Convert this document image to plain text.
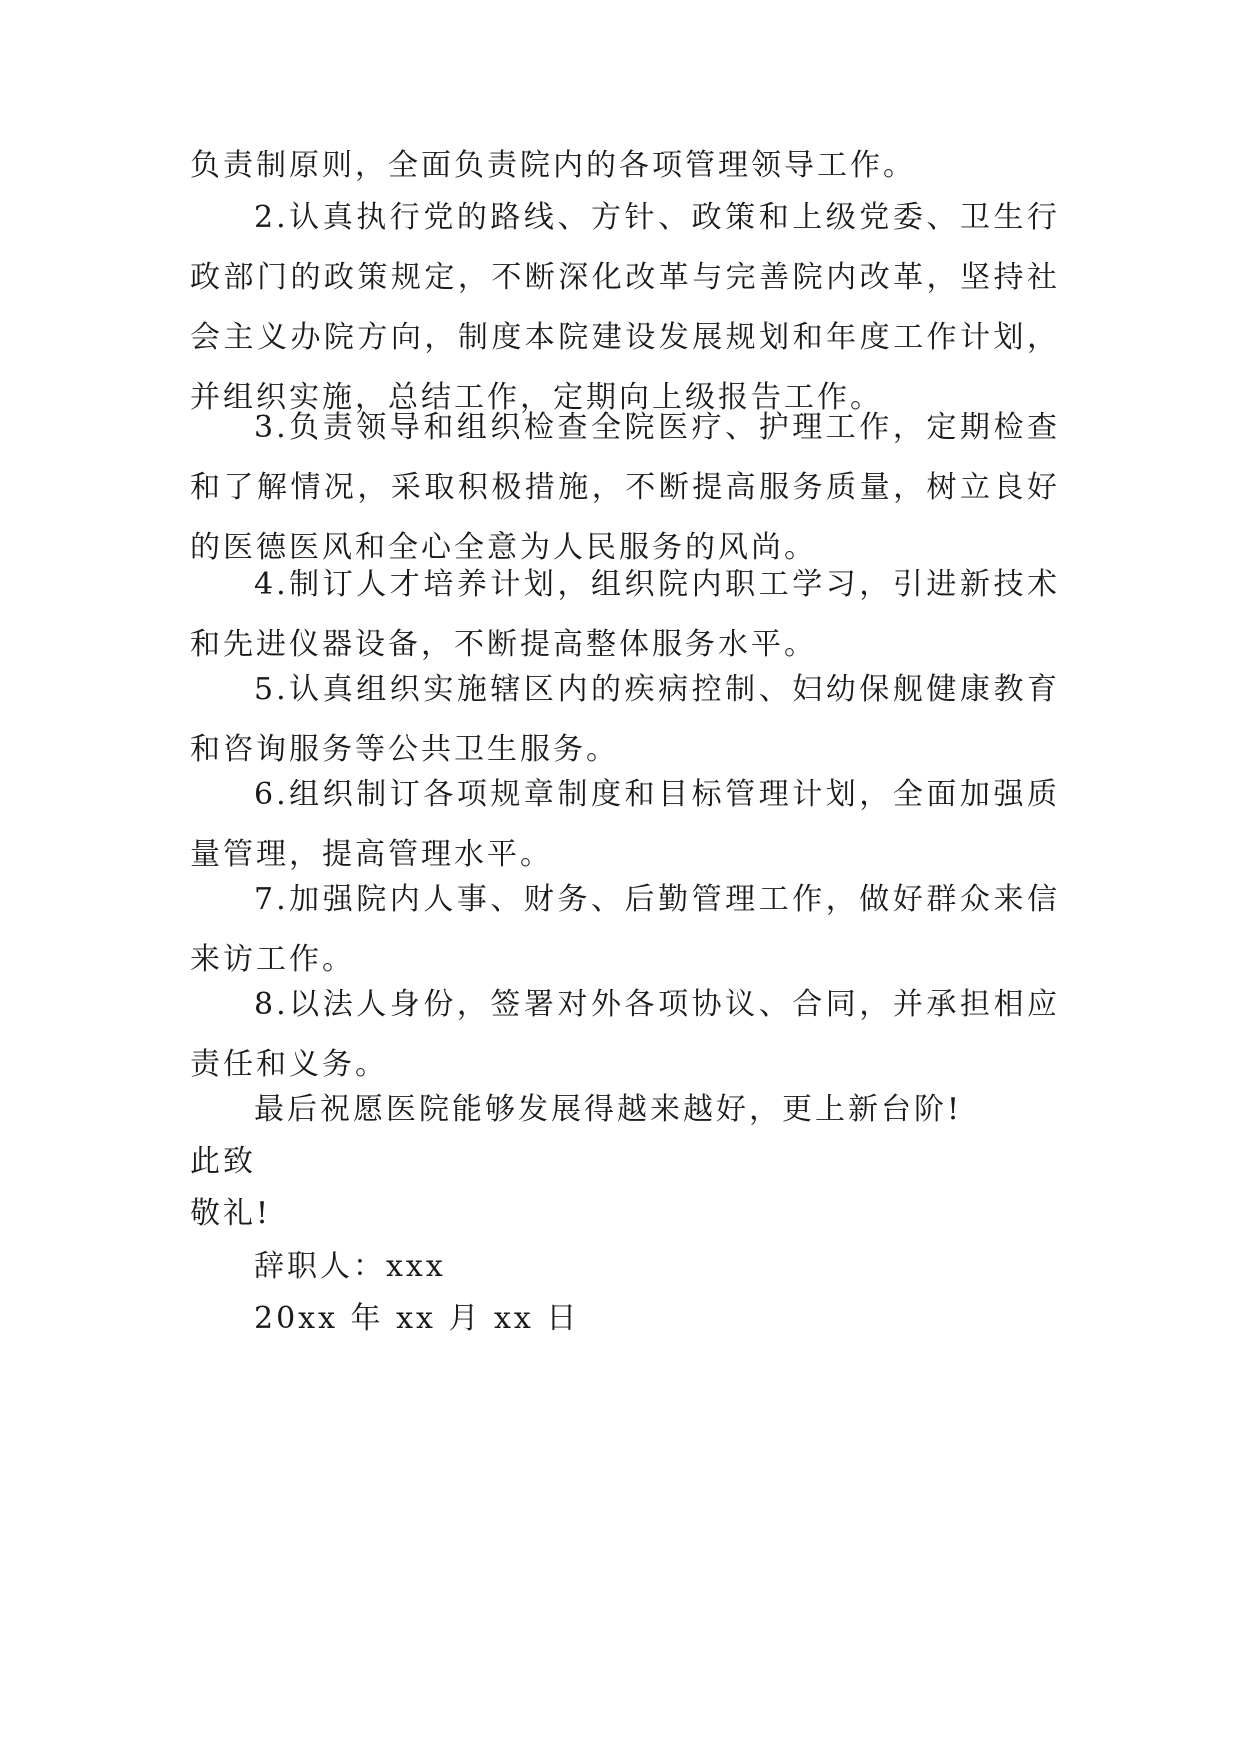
负责制原则，全面负责院内的各项管理领导工作。

2.认真执行党的路线、方针、政策和上级党委、卫生行政部门的政策规定，不断深化改革与完善院内改革，坚持社会主义办院方向，制度本院建设发展规划和年度工作计划，并组织实施，总结工作，定期向上级报告工作。

3.负责领导和组织检查全院医疗、护理工作，定期检查和了解情况，采取积极措施，不断提高服务质量，树立良好的医德医风和全心全意为人民服务的风尚。

4.制订人才培养计划，组织院内职工学习，引进新技术和先进仪器设备，不断提高整体服务水平。

5.认真组织实施辖区内的疾病控制、妇幼保舰健康教育和咨询服务等公共卫生服务。

6.组织制订各项规章制度和目标管理计划，全面加强质量管理，提高管理水平。

7.加强院内人事、财务、后勤管理工作，做好群众来信来访工作。

8.以法人身份，签署对外各项协议、合同，并承担相应责任和义务。

最后祝愿医院能够发展得越来越好，更上新台阶!

此致

敬礼!

辞职人：xxx

20xx 年 xx 月 xx 日
